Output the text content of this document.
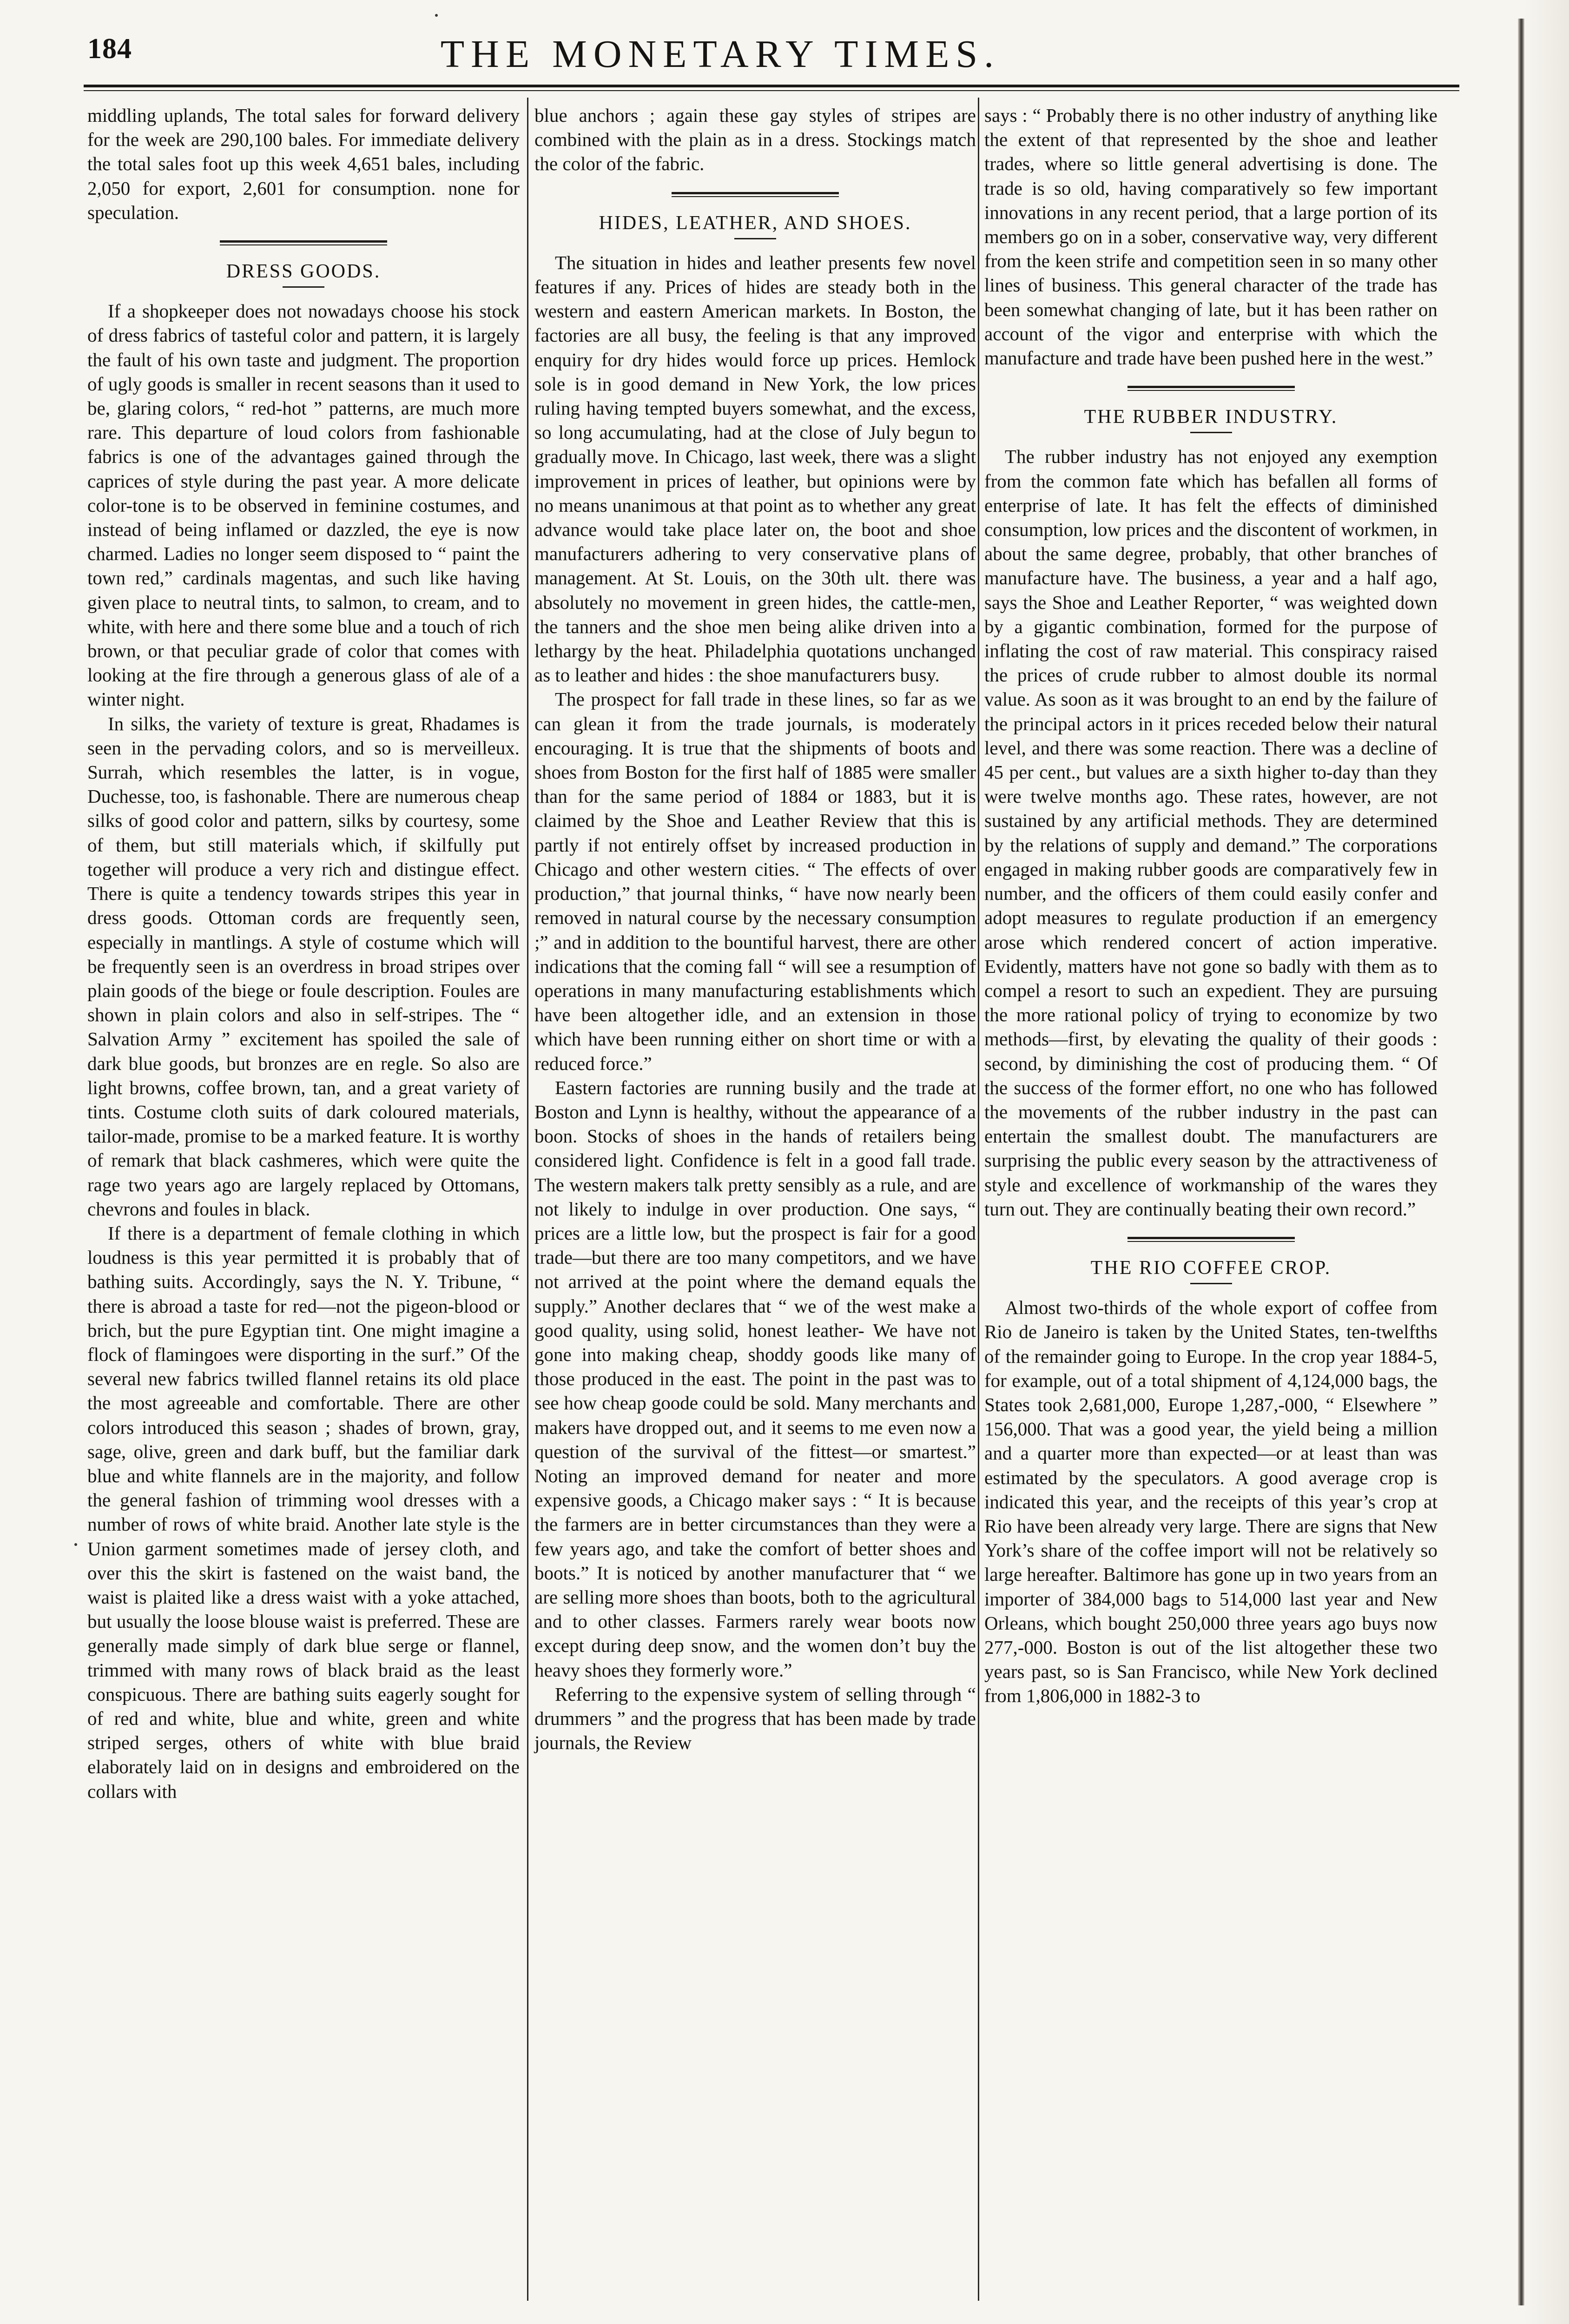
184	THE MONETARY TIMES.

middling uplands, The total sales for forward delivery for the week are 290,100 bales. For immediate delivery the total sales foot up this week 4,651 bales, including 2,050 for export, 2,601 for consumption. none for speculation.

DRESS GOODS.

If a shopkeeper does not nowadays choose his stock of dress fabrics of tasteful color and pattern, it is largely the fault of his own taste and judgment. The proportion of ugly goods is smaller in recent seasons than it used to be, glaring colors, “ red-hot ” patterns, are much more rare. This departure of loud colors from fashionable fabrics is one of the advantages gained through the caprices of style during the past year. A more delicate color-tone is to be observed in feminine costumes, and instead of being inflamed or dazzled, the eye is now charmed. Ladies no longer seem disposed to “ paint the town red,” cardinals magentas, and such like having given place to neutral tints, to salmon, to cream, and to white, with here and there some blue and a touch of rich brown, or that peculiar grade of color that comes with looking at the fire through a generous glass of ale of a winter night.

In silks, the variety of texture is great, Rhadames is seen in the pervading colors, and so is merveilleux. Surrah, which resembles the latter, is in vogue, Duchesse, too, is fashonable. There are numerous cheap silks of good color and pattern, silks by courtesy, some of them, but still materials which, if skilfully put together will produce a very rich and distingue effect. There is quite a tendency towards stripes this year in dress goods. Ottoman cords are frequently seen, especially in mantlings. A style of costume which will be frequently seen is an overdress in broad stripes over plain goods of the biege or foule description. Foules are shown in plain colors and also in self-stripes. The “ Salvation Army ” excitement has spoiled the sale of dark blue goods, but bronzes are en regle. So also are light browns, coffee brown, tan, and a great variety of tints. Costume cloth suits of dark coloured materials, tailor-made, promise to be a marked feature. It is worthy of remark that black cashmeres, which were quite the rage two years ago are largely replaced by Ottomans, chevrons and foules in black.

If there is a department of female clothing in which loudness is this year permitted it is probably that of bathing suits. Accordingly, says the N. Y. Tribune, “ there is abroad a taste for red—not the pigeon-blood or brich, but the pure Egyptian tint. One might imagine a flock of flamingoes were disporting in the surf.” Of the several new fabrics twilled flannel retains its old place the most agreeable and comfortable. There are other colors introduced this season ; shades of brown, gray, sage, olive, green and dark buff, but the familiar dark blue and white flannels are in the majority, and follow the general fashion of trimming wool dresses with a number of rows of white braid. Another late style is the Union garment sometimes made of jersey cloth, and over this the skirt is fastened on the waist band, the waist is plaited like a dress waist with a yoke attached, but usually the loose blouse waist is preferred. These are generally made simply of dark blue serge or flannel, trimmed with many rows of black braid as the least conspicuous. There are bathing suits eagerly sought for of red and white, blue and white, green and white striped serges, others of white with blue braid elaborately laid on in designs and embroidered on the collars with

blue anchors ; again these gay styles of stripes are combined with the plain as in a dress. Stockings match the color of the fabric.

HIDES, LEATHER, AND SHOES.

The situation in hides and leather presents few novel features if any. Prices of hides are steady both in the western and eastern American markets. In Boston, the factories are all busy, the feeling is that any improved enquiry for dry hides would force up prices. Hemlock sole is in good demand in New York, the low prices ruling having tempted buyers somewhat, and the excess, so long accumulating, had at the close of July begun to gradually move. In Chicago, last week, there was a slight improvement in prices of leather, but opinions were by no means unanimous at that point as to whether any great advance would take place later on, the boot and shoe manufacturers adhering to very conservative plans of management. At St. Louis, on the 30th ult. there was absolutely no movement in green hides, the cattle-men, the tanners and the shoe men being alike driven into a lethargy by the heat. Philadelphia quotations unchanged as to leather and hides : the shoe manufacturers busy.

The prospect for fall trade in these lines, so far as we can glean it from the trade journals, is moderately encouraging. It is true that the shipments of boots and shoes from Boston for the first half of 1885 were smaller than for the same period of 1884 or 1883, but it is claimed by the Shoe and Leather Review that this is partly if not entirely offset by increased production in Chicago and other western cities. “ The effects of over production,” that journal thinks, “ have now nearly been removed in natural course by the necessary consumption ;” and in addition to the bountiful harvest, there are other indications that the coming fall “ will see a resumption of operations in many manufacturing establishments which have been altogether idle, and an extension in those which have been running either on short time or with a reduced force.”

Eastern factories are running busily and the trade at Boston and Lynn is healthy, without the appearance of a boon. Stocks of shoes in the hands of retailers being considered light. Confidence is felt in a good fall trade. The western makers talk pretty sensibly as a rule, and are not likely to indulge in over production. One says, “ prices are a little low, but the prospect is fair for a good trade—but there are too many competitors, and we have not arrived at the point where the demand equals the supply.” Another declares that “ we of the west make a good quality, using solid, honest leather- We have not gone into making cheap, shoddy goods like many of those produced in the east. The point in the past was to see how cheap goode could be sold. Many merchants and makers have dropped out, and it seems to me even now a question of the survival of the fittest—or smartest.” Noting an improved demand for neater and more expensive goods, a Chicago maker says : “ It is because the farmers are in better circumstances than they were a few years ago, and take the comfort of better shoes and boots.” It is noticed by another manufacturer that “ we are selling more shoes than boots, both to the agricultural and to other classes. Farmers rarely wear boots now except during deep snow, and the women don’t buy the heavy shoes they formerly wore.”

Referring to the expensive system of selling through “ drummers ” and the progress that has been made by trade journals, the Review

says : “ Probably there is no other industry of anything like the extent of that represented by the shoe and leather trades, where so little general advertising is done. The trade is so old, having comparatively so few important innovations in any recent period, that a large portion of its members go on in a sober, conservative way, very different from the keen strife and competition seen in so many other lines of business. This general character of the trade has been somewhat changing of late, but it has been rather on account of the vigor and enterprise with which the manufacture and trade have been pushed here in the west.”

THE RUBBER INDUSTRY.

The rubber industry has not enjoyed any exemption from the common fate which has befallen all forms of enterprise of late. It has felt the effects of diminished consumption, low prices and the discontent of workmen, in about the same degree, probably, that other branches of manufacture have. The business, a year and a half ago, says the Shoe and Leather Reporter, “ was weighted down by a gigantic combination, formed for the purpose of inflating the cost of raw material. This conspiracy raised the prices of crude rubber to almost double its normal value. As soon as it was brought to an end by the failure of the principal actors in it prices receded below their natural level, and there was some reaction. There was a decline of 45 per cent., but values are a sixth higher to-day than they were twelve months ago. These rates, however, are not sustained by any artificial methods. They are determined by the relations of supply and demand.” The corporations engaged in making rubber goods are comparatively few in number, and the officers of them could easily confer and adopt measures to regulate production if an emergency arose which rendered concert of action imperative. Evidently, matters have not gone so badly with them as to compel a resort to such an expedient. They are pursuing the more rational policy of trying to economize by two methods—first, by elevating the quality of their goods : second, by diminishing the cost of producing them. “ Of the success of the former effort, no one who has followed the movements of the rubber industry in the past can entertain the smallest doubt. The manufacturers are surprising the public every season by the attractiveness of style and excellence of workmanship of the wares they turn out. They are continually beating their own record.”

THE RIO COFFEE CROP.

Almost two-thirds of the whole export of coffee from Rio de Janeiro is taken by the United States, ten-twelfths of the remainder going to Europe. In the crop year 1884-5, for example, out of a total shipment of 4,124,000 bags, the States took 2,681,000, Europe 1,287,-000, “ Elsewhere ” 156,000. That was a good year, the yield being a million and a quarter more than expected—or at least than was estimated by the speculators. A good average crop is indicated this year, and the receipts of this year’s crop at Rio have been already very large. There are signs that New York’s share of the coffee import will not be relatively so large hereafter. Baltimore has gone up in two years from an importer of 384,000 bags to 514,000 last year and New Orleans, which bought 250,000 three years ago buys now 277,-000. Boston is out of the list altogether these two years past, so is San Francisco, while New York declined from 1,806,000 in 1882-3 to
